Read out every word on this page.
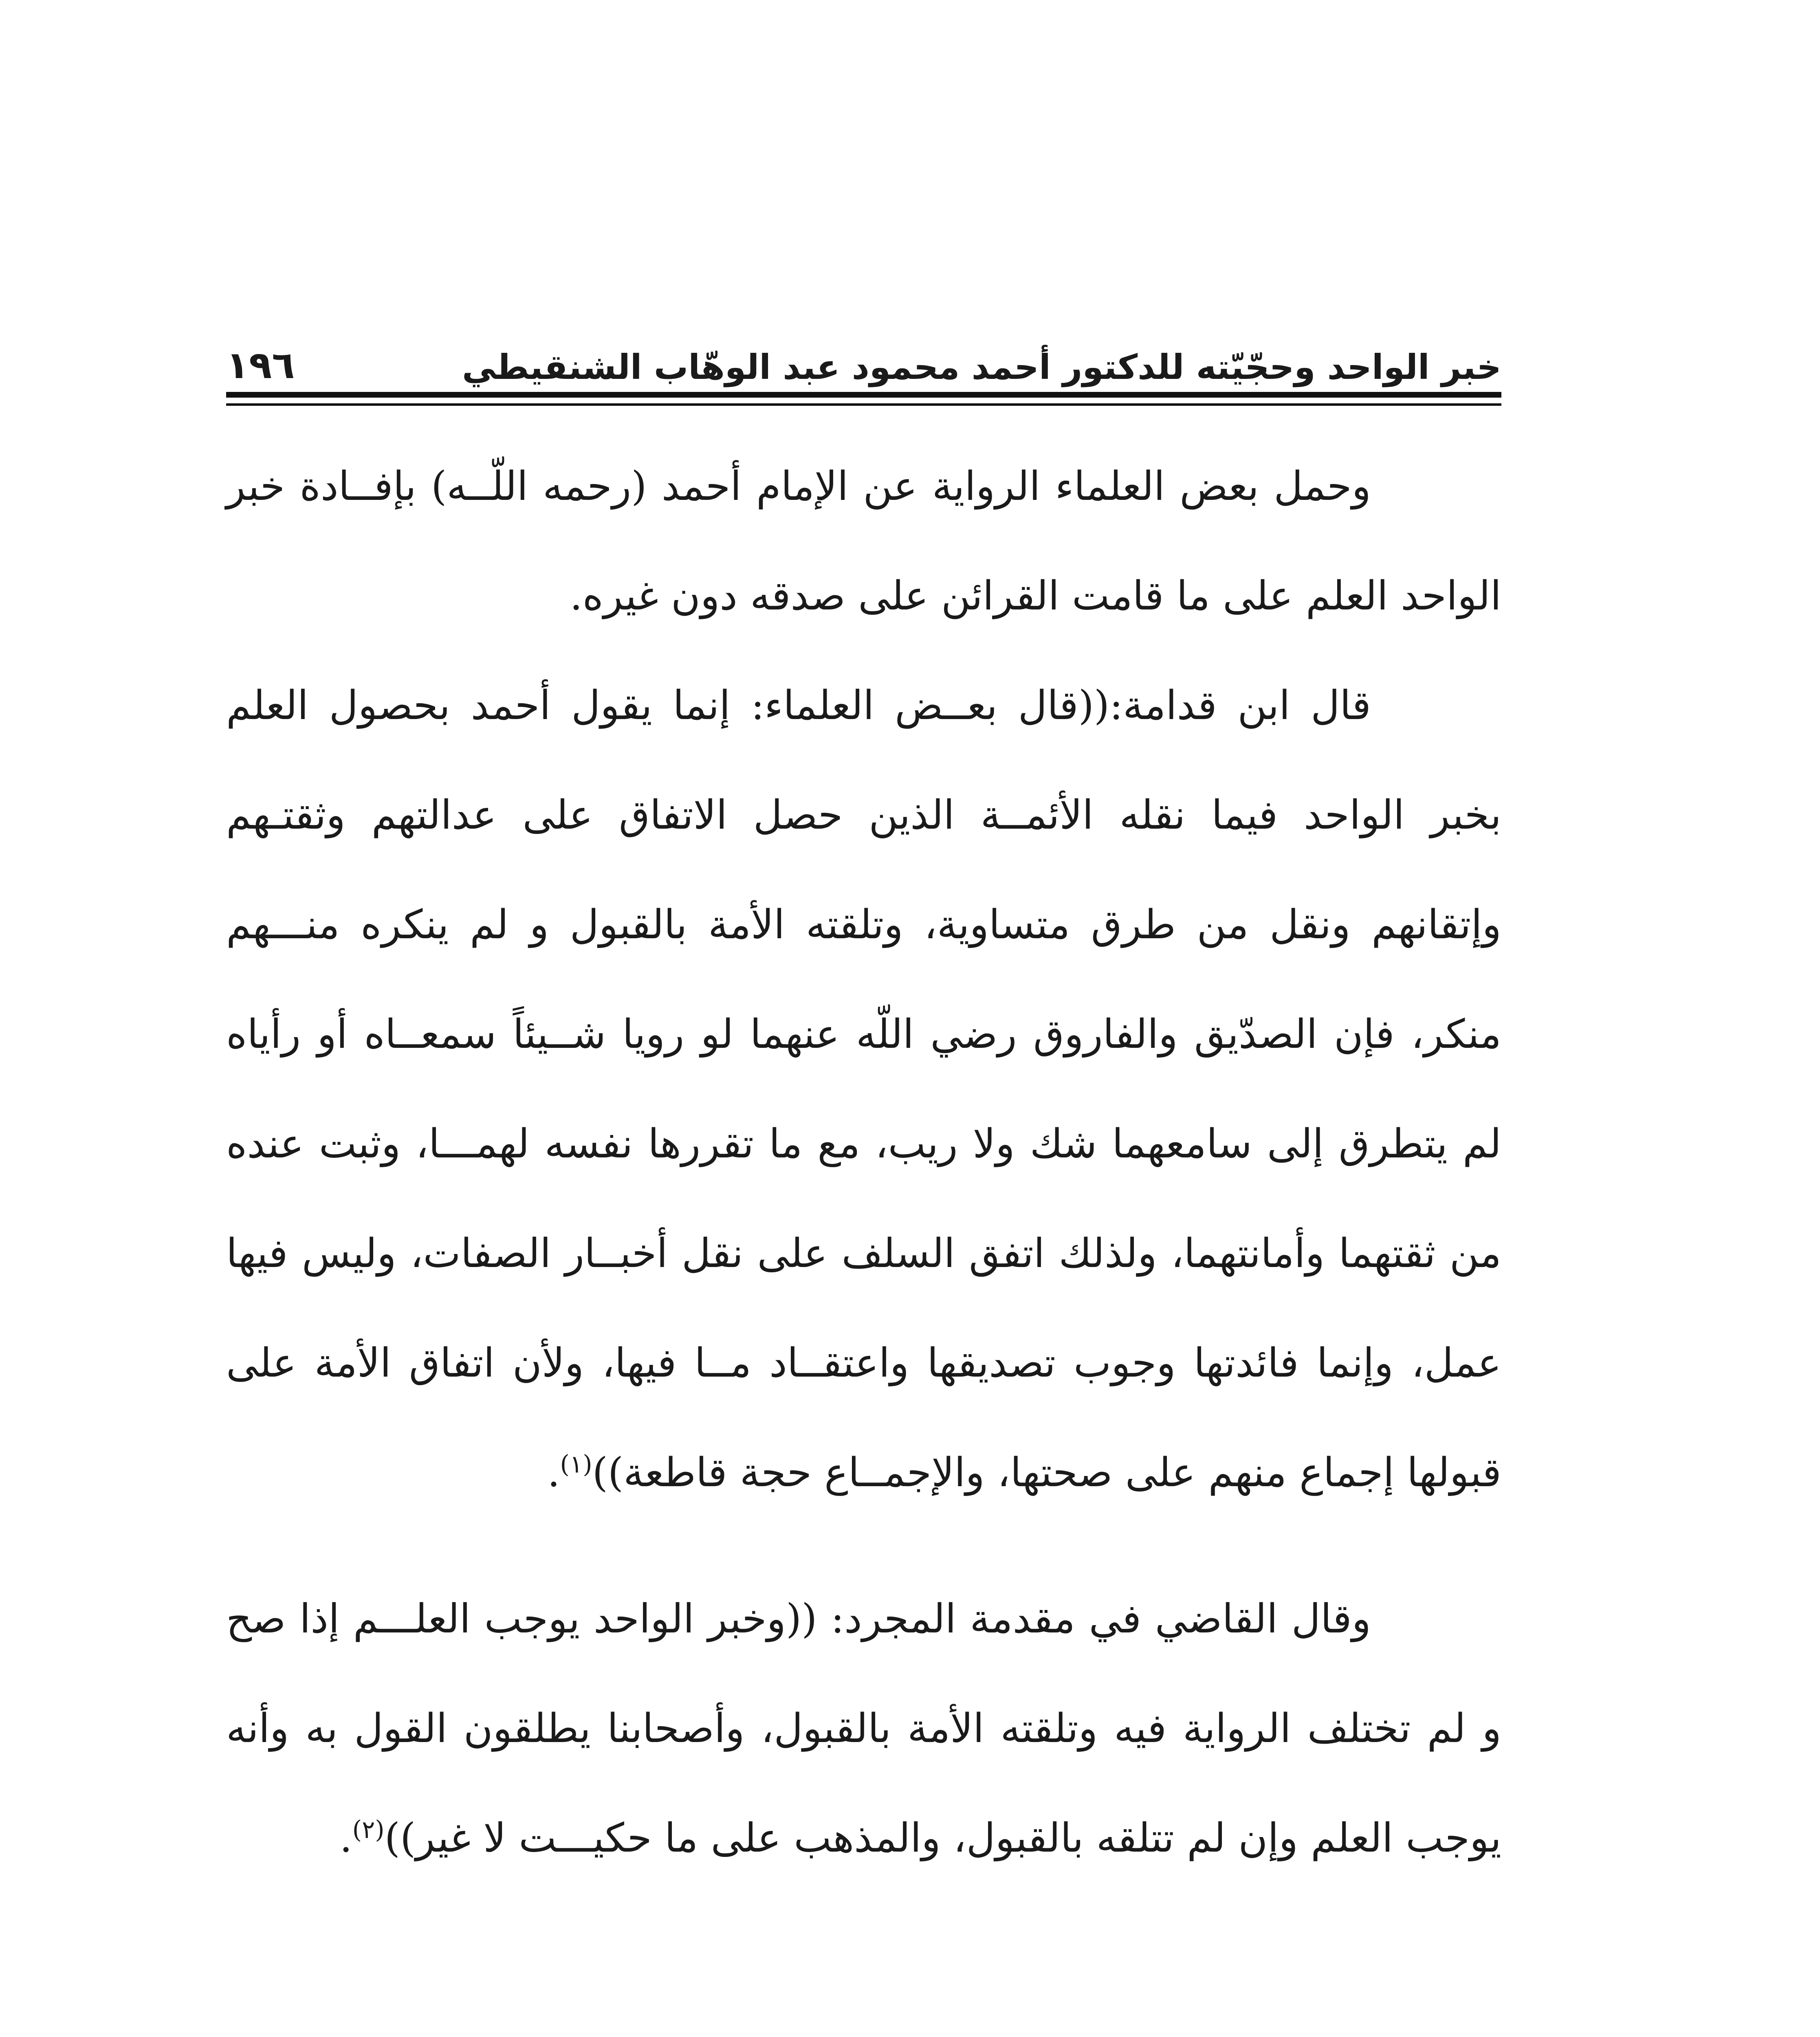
خبر الواحد وحجّيّته للدكتور أحمد محمود عبد الوهّاب الشنقيطي
١٩٦

وحمل بعض العلماء الرواية عن الإمام أحمد (رحمه اللّــه) بإفــادة خبر الواحد العلم على ما قامت القرائن على صدقه دون غيره.

قال ابن قدامة:((قال بعــض العلماء: إنما يقول أحمد بحصول العلم بخبر الواحد فيما نقله الأئمــة الذين حصل الاتفاق على عدالتهم وثقتـهم وإتقانهم ونقل من طرق متساوية، وتلقته الأمة بالقبول و لم ينكره منـــهم منكر، فإن الصدّيق والفاروق رضي اللّه عنهما لو رويا شــيئاً سمعــاه أو رأياه لم يتطرق إلى سامعهما شك ولا ريب، مع ما تقررها نفسه لهمـــا، وثبت عنده من ثقتهما وأمانتهما، ولذلك اتفق السلف على نقل أخبــار الصفات، وليس فيها عمل، وإنما فائدتها وجوب تصديقها واعتقــاد مــا فيها، ولأن اتفاق الأمة على قبولها إجماع منهم على صحتها، والإجمــاع حجة قاطعة))$^{(١)}$.

وقال القاضي في مقدمة المجرد: ((وخبر الواحد يوجب العلـــم إذا صح و لم تختلف الرواية فيه وتلقته الأمة بالقبول، وأصحابنا يطلقون القول به وأنه يوجب العلم وإن لم تتلقه بالقبول، والمذهب على ما حكيـــت لا غير))$^{(٢)}$.
